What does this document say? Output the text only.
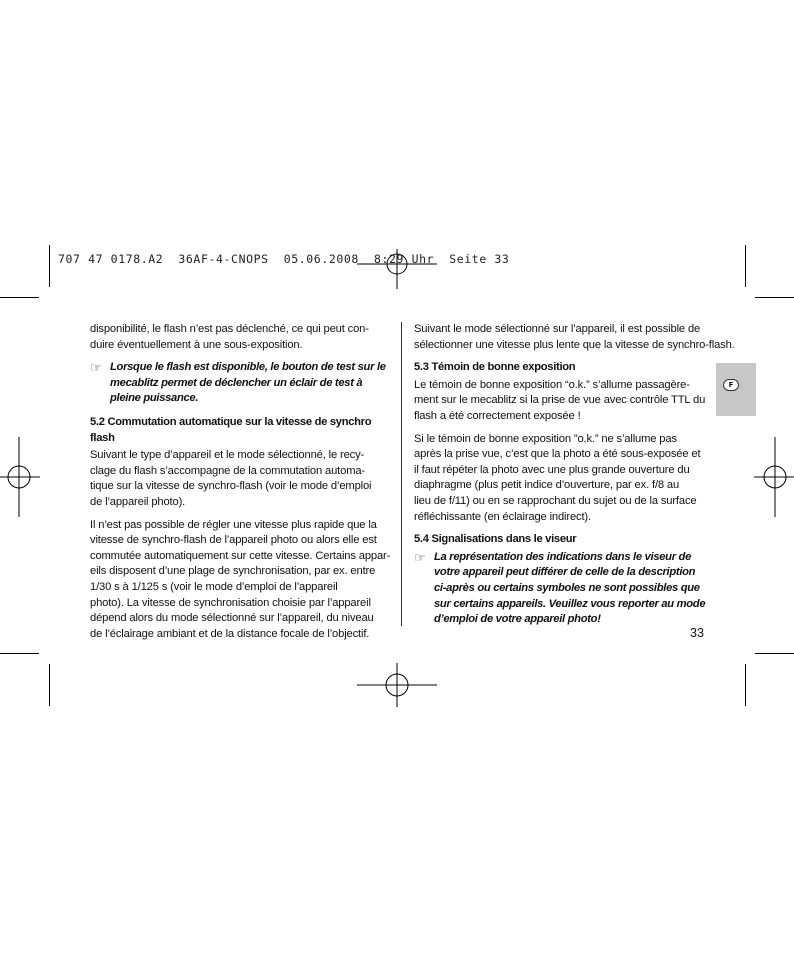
707 47 0178.A2  36AF-4-CNOPS  05.06.2008  8:29 Uhr  Seite 33
F

disponibilité, le flash n’est pas déclenché, ce qui peut con-
duire éventuellement à une sous-exposition.

☞ Lorsque le flash est disponible, le bouton de test sur le
mecablitz permet de déclencher un éclair de test à
pleine puissance.
5.2 Commutation automatique sur la vitesse de synchro flash

Suivant le type d’appareil et le mode sélectionné, le recy-
clage du flash s’accompagne de la commutation automa-
tique sur la vitesse de synchro-flash (voir le mode d’emploi
de l’appareil photo).

Il n’est pas possible de régler une vitesse plus rapide que la
vitesse de synchro-flash de l’appareil photo ou alors elle est
commutée automatiquement sur cette vitesse. Certains appar-
eils disposent d’une plage de synchronisation, par ex. entre
1/30 s à 1/125 s (voir le mode d’emploi de l’appareil
photo). La vitesse de synchronisation choisie par l’appareil
dépend alors du mode sélectionné sur l’appareil, du niveau
de l’éclairage ambiant et de la distance focale de l’objectif.

Suivant le mode sélectionné sur l’appareil, il est possible de
sélectionner une vitesse plus lente que la vitesse de synchro-flash.

5.3 Témoin de bonne exposition

Le témoin de bonne exposition “o.k.” s’allume passagère-
ment sur le mecablitz si la prise de vue avec contrôle TTL du
flash a été correctement exposée !

Si le témoin de bonne exposition ”o.k.” ne s’allume pas
après la prise vue, c’est que la photo a été sous-exposée et
il faut répéter la photo avec une plus grande ouverture du
diaphragme (plus petit indice d’ouverture, par ex. f/8 au
lieu de f/11) ou en se rapprochant du sujet ou de la surface
réfléchissante (en éclairage indirect).

5.4 Signalisations dans le viseur
☞ La représentation des indications dans le viseur de
votre appareil peut différer de celle de la description
ci-après ou certains symboles ne sont possibles que
sur certains appareils. Veuillez vous reporter au mode
d’emploi de votre appareil photo!
33
